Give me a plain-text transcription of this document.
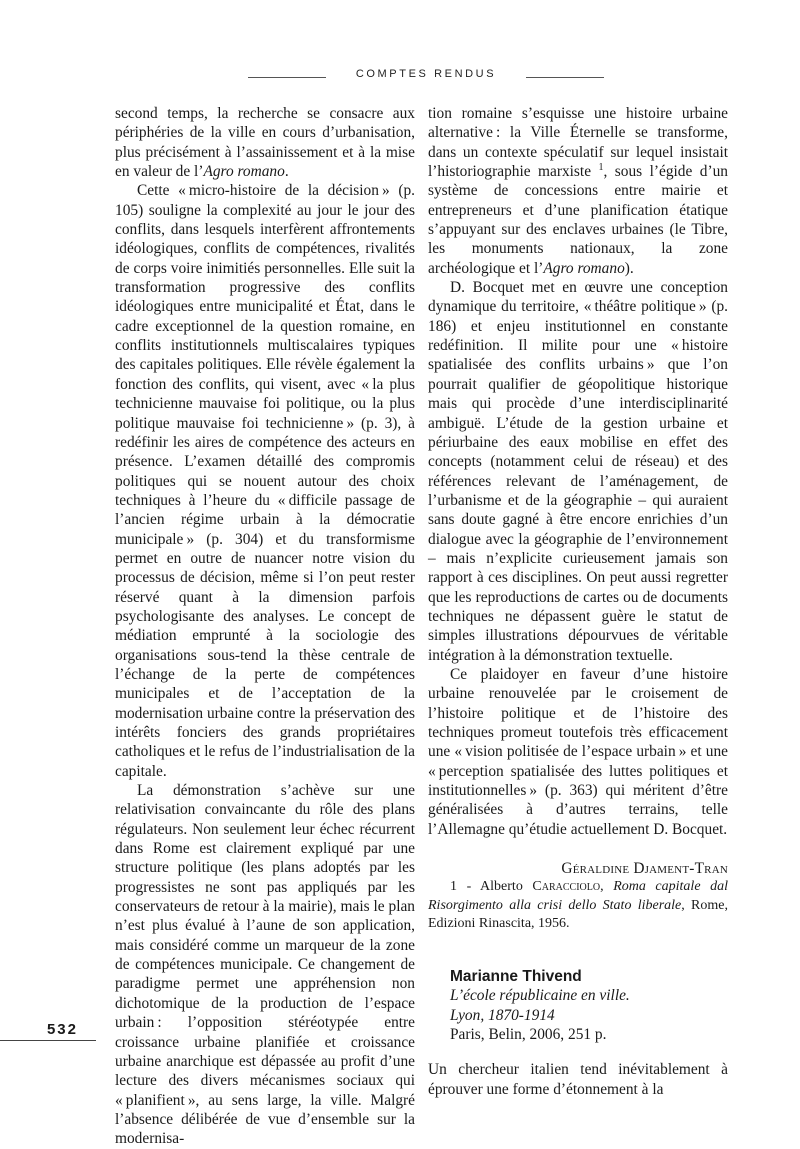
COMPTES RENDUS

second temps, la recherche se consacre aux périphéries de la ville en cours d’urbanisation, plus précisément à l’assainissement et à la mise en valeur de l’Agro romano.

Cette « micro-histoire de la décision » (p. 105) souligne la complexité au jour le jour des conflits, dans lesquels interfèrent affrontements idéologiques, conflits de compétences, rivalités de corps voire inimitiés personnelles. Elle suit la transformation progressive des conflits idéologiques entre municipalité et État, dans le cadre exceptionnel de la question romaine, en conflits institutionnels multiscalaires typiques des capitales politiques. Elle révèle également la fonction des conflits, qui visent, avec « la plus technicienne mauvaise foi politique, ou la plus politique mauvaise foi technicienne » (p. 3), à redéfinir les aires de compétence des acteurs en présence. L’examen détaillé des compromis politiques qui se nouent autour des choix techniques à l’heure du « difficile passage de l’ancien régime urbain à la démocratie municipale » (p. 304) et du transformisme permet en outre de nuancer notre vision du processus de décision, même si l’on peut rester réservé quant à la dimension parfois psychologisante des analyses. Le concept de médiation emprunté à la sociologie des organisations sous-tend la thèse centrale de l’échange de la perte de compétences municipales et de l’acceptation de la modernisation urbaine contre la préservation des intérêts fonciers des grands propriétaires catholiques et le refus de l’industrialisation de la capitale.

La démonstration s’achève sur une relativisation convaincante du rôle des plans régulateurs. Non seulement leur échec récurrent dans Rome est clairement expliqué par une structure politique (les plans adoptés par les progressistes ne sont pas appliqués par les conservateurs de retour à la mairie), mais le plan n’est plus évalué à l’aune de son application, mais considéré comme un marqueur de la zone de compétences municipale. Ce changement de paradigme permet une appréhension non dichotomique de la production de l’espace urbain : l’opposition stéréotypée entre croissance urbaine planifiée et croissance urbaine anarchique est dépassée au profit d’une lecture des divers mécanismes sociaux qui « planifient », au sens large, la ville. Malgré l’absence délibérée de vue d’ensemble sur la modernisa-

tion romaine s’esquisse une histoire urbaine alternative : la Ville Éternelle se transforme, dans un contexte spéculatif sur lequel insistait l’historiographie marxiste $^1$, sous l’égide d’un système de concessions entre mairie et entrepreneurs et d’une planification étatique s’appuyant sur des enclaves urbaines (le Tibre, les monuments nationaux, la zone archéologique et l’Agro romano).

D. Bocquet met en œuvre une conception dynamique du territoire, « théâtre politique » (p. 186) et enjeu institutionnel en constante redéfinition. Il milite pour une « histoire spatialisée des conflits urbains » que l’on pourrait qualifier de géopolitique historique mais qui procède d’une interdisciplinarité ambiguë. L’étude de la gestion urbaine et périurbaine des eaux mobilise en effet des concepts (notamment celui de réseau) et des références relevant de l’aménagement, de l’urbanisme et de la géographie – qui auraient sans doute gagné à être encore enrichies d’un dialogue avec la géographie de l’environnement – mais n’explicite curieusement jamais son rapport à ces disciplines. On peut aussi regretter que les reproductions de cartes ou de documents techniques ne dépassent guère le statut de simples illustrations dépourvues de véritable intégration à la démonstration textuelle.

Ce plaidoyer en faveur d’une histoire urbaine renouvelée par le croisement de l’histoire politique et de l’histoire des techniques promeut toutefois très efficacement une « vision politisée de l’espace urbain » et une « perception spatialisée des luttes politiques et institutionnelles » (p. 363) qui méritent d’être généralisées à d’autres terrains, telle l’Allemagne qu’étudie actuellement D. Bocquet.

Géraldine Djament-Tran

1 - Alberto Caracciolo, Roma capitale dal Risorgimento alla crisi dello Stato liberale, Rome, Edizioni Rinascita, 1956.

Marianne Thivend
L’école républicaine en ville.
Lyon, 1870-1914
Paris, Belin, 2006, 251 p.

Un chercheur italien tend inévitablement à éprouver une forme d’étonnement à la

532
